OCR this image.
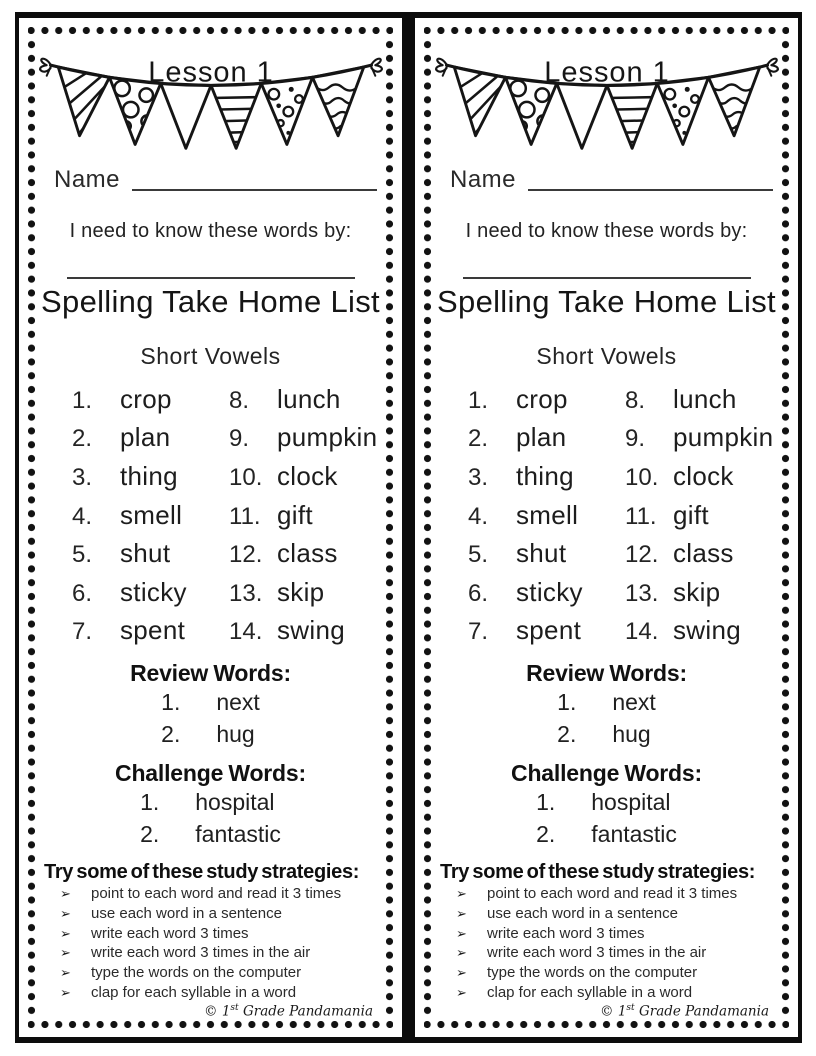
Lesson 1
Name
I need to know these words by:
Spelling Take Home List
Short Vowels
1.	crop
2.	plan
3.	thing
4.	smell
5.	shut
6.	sticky
7.	spent
8.	lunch
9.	pumpkin
10. clock
11. gift
12. class
13. skip
14. swing
Review Words:
1. next
2. hug
Challenge Words:
1. hospital
2. fantastic
Try some of these study strategies:
➢ point to each word and read it 3 times
➢ use each word in a sentence
➢ write each word 3 times
➢ write each word 3 times in the air
➢ type the words on the computer
➢ clap for each syllable in a word
© 1st Grade Pandamania
Lesson 1
Name
I need to know these words by:
Spelling Take Home List
Short Vowels
1.	crop
2.	plan
3.	thing
4.	smell
5.	shut
6.	sticky
7.	spent
8.	lunch
9.	pumpkin
10. clock
11. gift
12. class
13. skip
14. swing
Review Words:
1. next
2. hug
Challenge Words:
1. hospital
2. fantastic
Try some of these study strategies:
➢ point to each word and read it 3 times
➢ use each word in a sentence
➢ write each word 3 times
➢ write each word 3 times in the air
➢ type the words on the computer
➢ clap for each syllable in a word
© 1st Grade Pandamania
